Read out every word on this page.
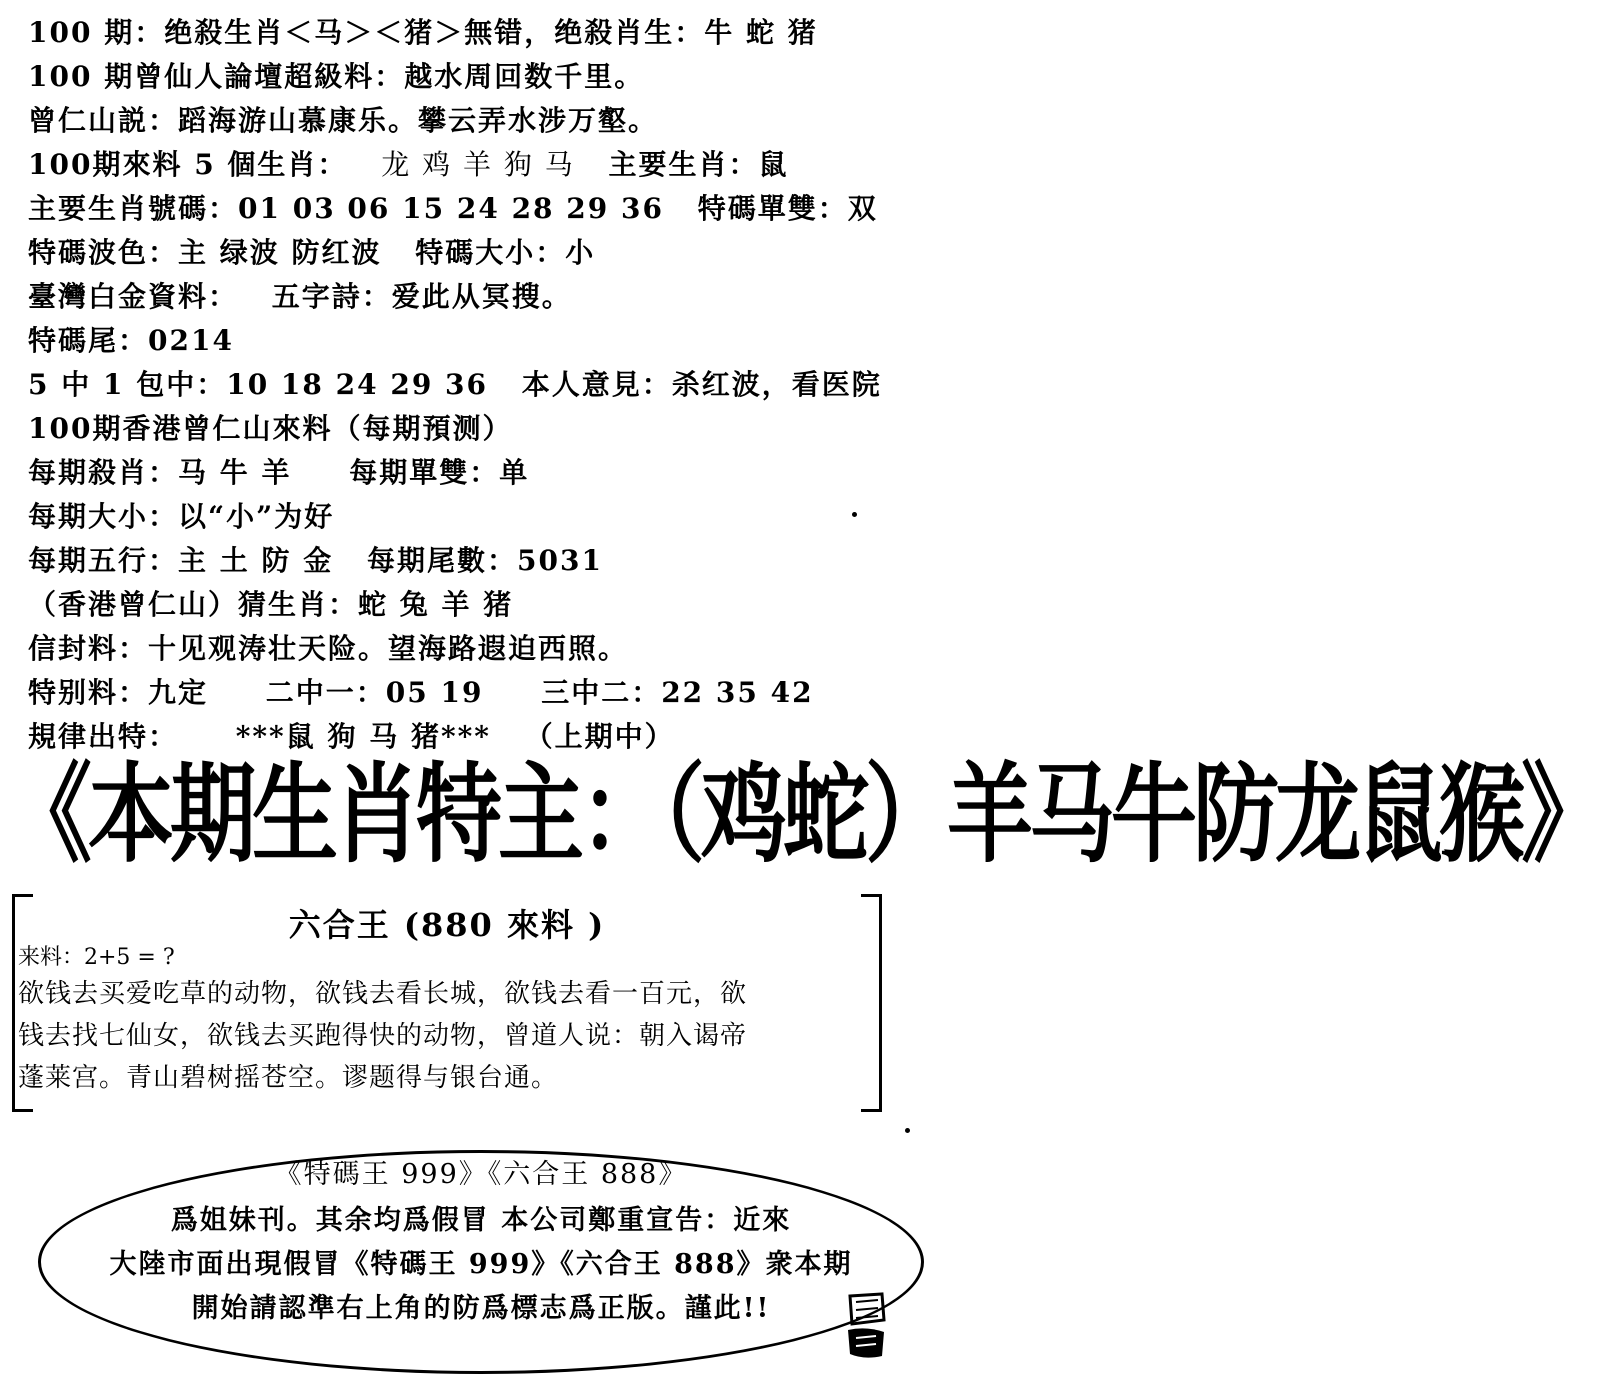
100 期：绝殺生肖＜马＞＜猪＞無错，绝殺肖生：牛 蛇 猪
100 期曾仙人論壇超級料：越水周回数千里。
曾仁山説：蹈海游山慕康乐。攀云弄水涉万壑。
100期來料 5 個生肖： 龙 鸡 羊 狗 马 主要生肖：鼠
主要生肖號碼：01 03 06 15 24 28 29 36 特碼單雙：双
特碼波色：主 绿波 防红波 特碼大小：小
臺灣白金資料： 五字詩：爱此从冥搜。
特碼尾：0214
5 中 1 包中：10 18 24 29 36 本人意見：杀红波，看医院
100期香港曾仁山來料（每期預测）
每期殺肖：马 牛 羊 每期單雙：单
每期大小：以“小”为好
每期五行：主 土 防 金 每期尾數：5031
（香港曾仁山）猜生肖：蛇 兔 羊 猪
信封料：十见观涛壮天险。望海路遐迫西照。
特别料：九定 二中一：05 19 三中二：22 35 42
規律出特： ***鼠 狗 马 猪*** （上期中）
《本期生肖特主：（鸡蛇）羊马牛防龙鼠猴》
六合王 (880 來料 )
来料：2+5 = ?
欲钱去买爱吃草的动物，欲钱去看长城，欲钱去看一百元，欲
钱去找七仙女，欲钱去买跑得快的动物，曾道人说：朝入谒帝
蓬莱宫。青山碧树摇苍空。谬题得与银台通。
《特碼王 999》《六合王 888》
爲姐妹刊。其余均爲假冒 本公司鄭重宣告：近來
大陸市面出現假冒《特碼王 999》《六合王 888》衆本期
開始請認準右上角的防爲標志爲正版。謹此!!
